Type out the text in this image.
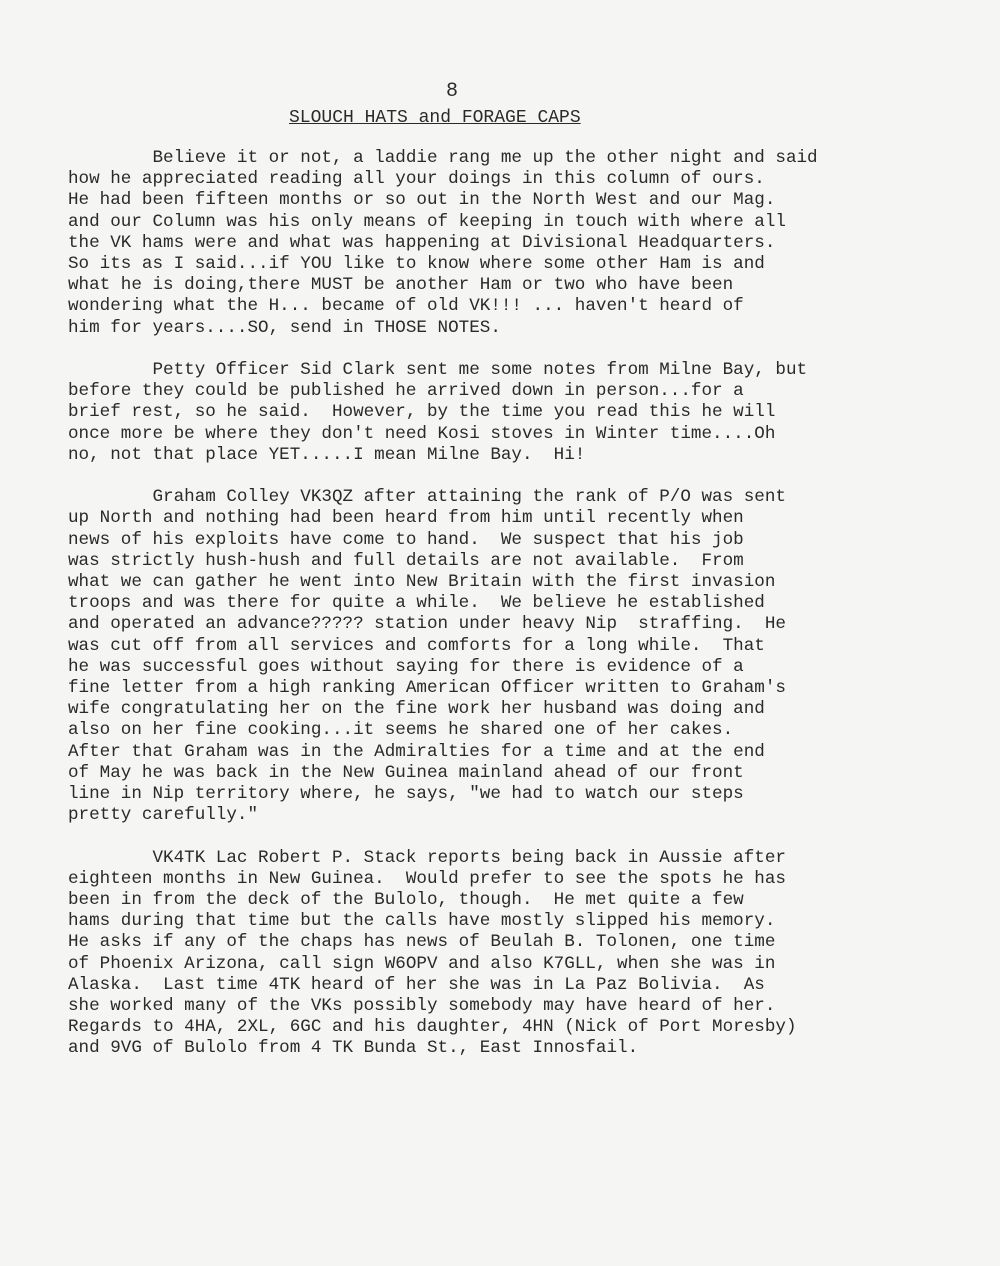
8
SLOUCH HATS and FORAGE CAPS
Believe it or not, a laddie rang me up the other night and said
how he appreciated reading all your doings in this column of ours.
He had been fifteen months or so out in the North West and our Mag.
and our Column was his only means of keeping in touch with where all
the VK hams were and what was happening at Divisional Headquarters.
So its as I said...if YOU like to know where some other Ham is and
what he is doing,there MUST be another Ham or two who have been
wondering what the H... became of old VK!!! ... haven't heard of
him for years....SO, send in THOSE NOTES.
Petty Officer Sid Clark sent me some notes from Milne Bay, but
before they could be published he arrived down in person...for a
brief rest, so he said.  However, by the time you read this he will
once more be where they don't need Kosi stoves in Winter time....Oh
no, not that place YET.....I mean Milne Bay.  Hi!
Graham Colley VK3QZ after attaining the rank of P/O was sent
up North and nothing had been heard from him until recently when
news of his exploits have come to hand.  We suspect that his job
was strictly hush-hush and full details are not available.  From
what we can gather he went into New Britain with the first invasion
troops and was there for quite a while.  We believe he established
and operated an advance????? station under heavy Nip  straffing.  He
was cut off from all services and comforts for a long while.  That
he was successful goes without saying for there is evidence of a
fine letter from a high ranking American Officer written to Graham's
wife congratulating her on the fine work her husband was doing and
also on her fine cooking...it seems he shared one of her cakes.
After that Graham was in the Admiralties for a time and at the end
of May he was back in the New Guinea mainland ahead of our front
line in Nip territory where, he says, "we had to watch our steps
pretty carefully."
VK4TK Lac Robert P. Stack reports being back in Aussie after
eighteen months in New Guinea.  Would prefer to see the spots he has
been in from the deck of the Bulolo, though.  He met quite a few
hams during that time but the calls have mostly slipped his memory.
He asks if any of the chaps has news of Beulah B. Tolonen, one time
of Phoenix Arizona, call sign W6OPV and also K7GLL, when she was in
Alaska.  Last time 4TK heard of her she was in La Paz Bolivia.  As
she worked many of the VKs possibly somebody may have heard of her.
Regards to 4HA, 2XL, 6GC and his daughter, 4HN (Nick of Port Moresby)
and 9VG of Bulolo from 4 TK Bunda St., East Innosfail.
